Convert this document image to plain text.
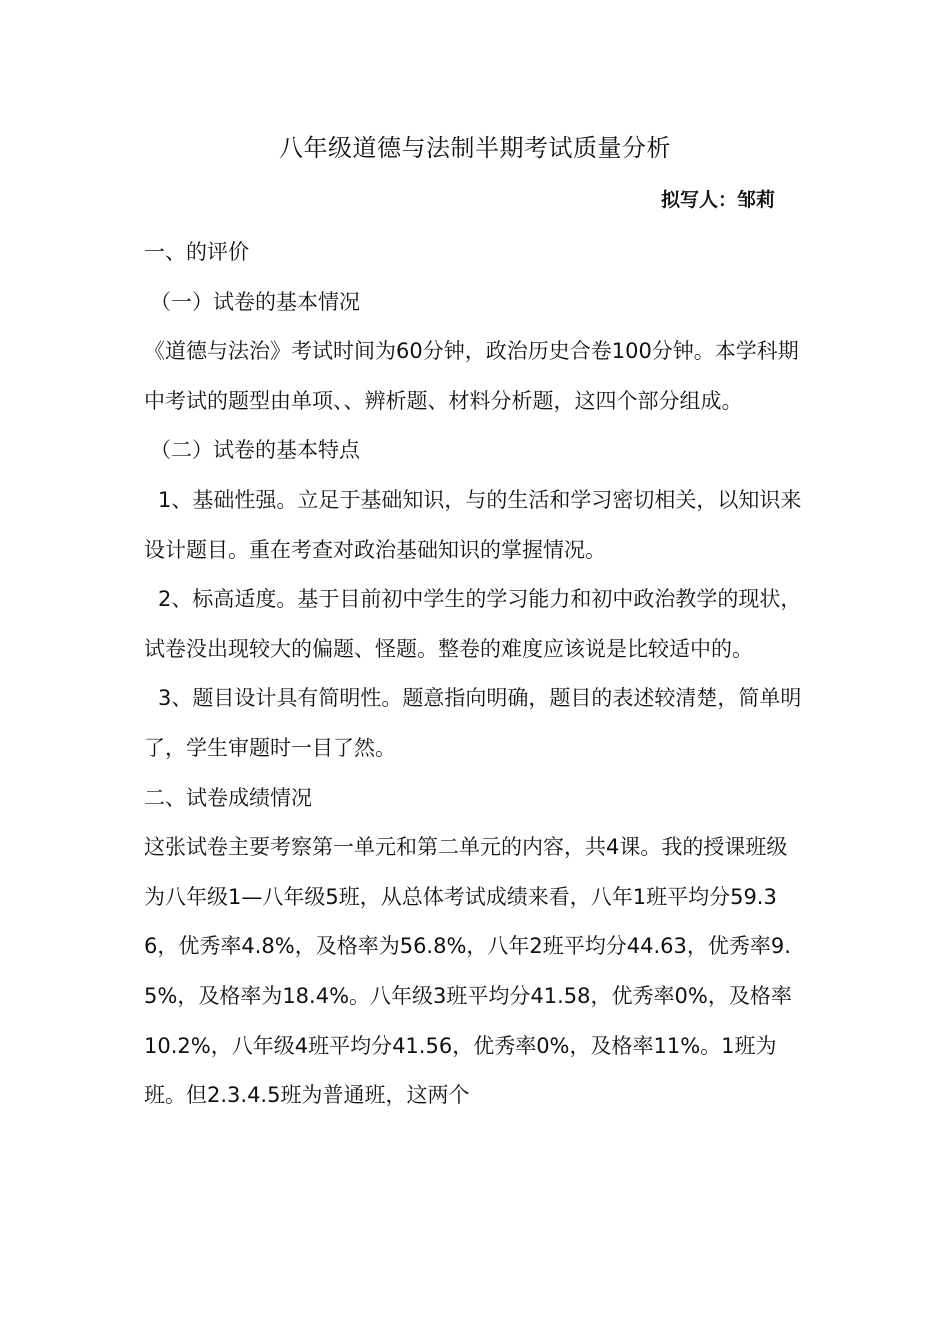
八年级道德与法制半期考试质量分析
拟写人：邹莉

一、的评价

（一）试卷的基本情况

《道德与法治》考试时间为60分钟，政治历史合卷100分钟。本学科期中考试的题型由单项、、辨析题、材料分析题，这四个部分组成。

（二）试卷的基本特点

1、基础性强。立足于基础知识，与的生活和学习密切相关，以知识来设计题目。重在考查对政治基础知识的掌握情况。

2、标高适度。基于目前初中学生的学习能力和初中政治教学的现状，试卷没出现较大的偏题、怪题。整卷的难度应该说是比较适中的。

3、题目设计具有简明性。题意指向明确，题目的表述较清楚，简单明了，学生审题时一目了然。

二、试卷成绩情况

这张试卷主要考察第一单元和第二单元的内容，共4课。我的授课班级为八年级1—八年级5班，从总体考试成绩来看，八年1班平均分59.36，优秀率4.8%，及格率为56.8%，八年2班平均分44.63，优秀率9.5%，及格率为18.4%。八年级3班平均分41.58，优秀率0%，及格率10.2%，八年级4班平均分41.56，优秀率0%，及格率11%。1班为班。但2.3.4.5班为普通班，这两个
